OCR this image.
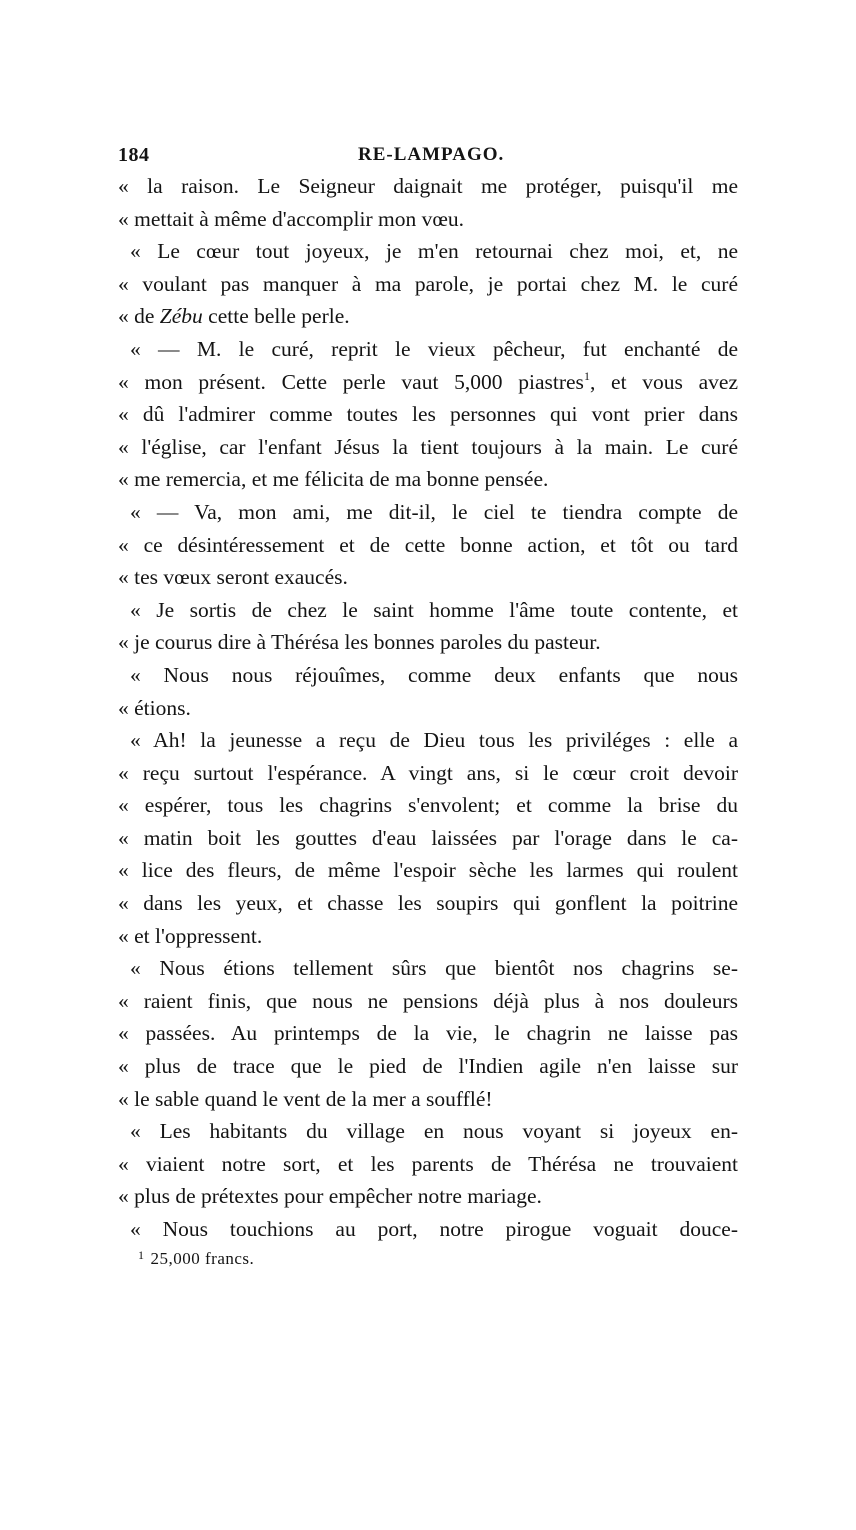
184	RE-LAMPAGO.
« la raison. Le Seigneur daignait me protéger, puisqu'il me
« mettait à même d'accomplir mon vœu.
« Le cœur tout joyeux, je m'en retournai chez moi, et, ne
« voulant pas manquer à ma parole, je portai chez M. le curé
« de Zébu cette belle perle.
« — M. le curé, reprit le vieux pêcheur, fut enchanté de
« mon présent. Cette perle vaut 5,000 piastres$^1$, et vous avez
« dû l'admirer comme toutes les personnes qui vont prier dans
« l'église, car l'enfant Jésus la tient toujours à la main. Le curé
« me remercia, et me félicita de ma bonne pensée.
« — Va, mon ami, me dit-il, le ciel te tiendra compte de
« ce désintéressement et de cette bonne action, et tôt ou tard
« tes vœux seront exaucés.
« Je sortis de chez le saint homme l'âme toute contente, et
« je courus dire à Thérésa les bonnes paroles du pasteur.
« Nous nous réjouîmes, comme deux enfants que nous
« étions.
« Ah! la jeunesse a reçu de Dieu tous les priviléges : elle a
« reçu surtout l'espérance. A vingt ans, si le cœur croit devoir
« espérer, tous les chagrins s'envolent; et comme la brise du
« matin boit les gouttes d'eau laissées par l'orage dans le ca-
« lice des fleurs, de même l'espoir sèche les larmes qui roulent
« dans les yeux, et chasse les soupirs qui gonflent la poitrine
« et l'oppressent.
« Nous étions tellement sûrs que bientôt nos chagrins se-
« raient finis, que nous ne pensions déjà plus à nos douleurs
« passées. Au printemps de la vie, le chagrin ne laisse pas
« plus de trace que le pied de l'Indien agile n'en laisse sur
« le sable quand le vent de la mer a soufflé!
« Les habitants du village en nous voyant si joyeux en-
« viaient notre sort, et les parents de Thérésa ne trouvaient
« plus de prétextes pour empêcher notre mariage.
« Nous touchions au port, notre pirogue voguait douce-
$^1$ 25,000 francs.
